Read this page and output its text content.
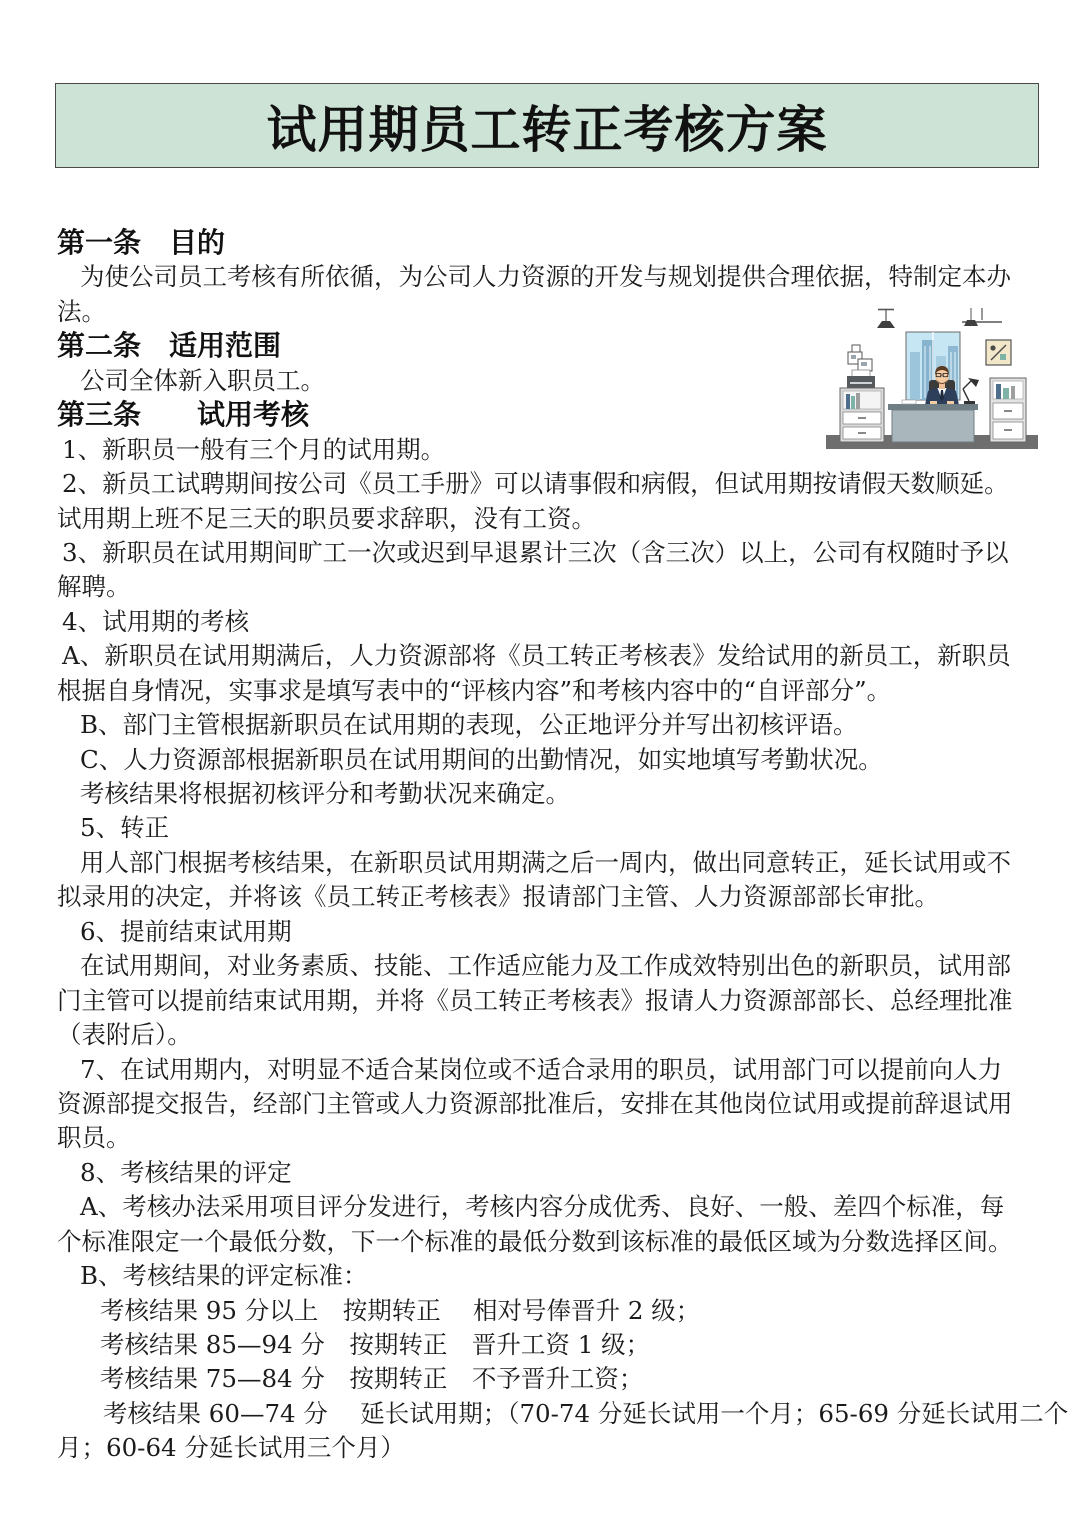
试用期员工转正考核方案
第一条　目的
为使公司员工考核有所依循，为公司人力资源的开发与规划提供合理依据，特制定本办
法。
第二条　适用范围
公司全体新入职员工。
第三条　　试用考核
1、新职员一般有三个月的试用期。
2、新员工试聘期间按公司《员工手册》可以请事假和病假，但试用期按请假天数顺延。
试用期上班不足三天的职员要求辞职，没有工资。
3、新职员在试用期间旷工一次或迟到早退累计三次（含三次）以上，公司有权随时予以
解聘。
4、试用期的考核
A、新职员在试用期满后，人力资源部将《员工转正考核表》发给试用的新员工，新职员
根据自身情况，实事求是填写表中的“评核内容”和考核内容中的“自评部分”。
B、部门主管根据新职员在试用期的表现，公正地评分并写出初核评语。
C、人力资源部根据新职员在试用期间的出勤情况，如实地填写考勤状况。
考核结果将根据初核评分和考勤状况来确定。
5、转正
用人部门根据考核结果，在新职员试用期满之后一周内，做出同意转正，延长试用或不
拟录用的决定，并将该《员工转正考核表》报请部门主管、人力资源部部长审批。
6、提前结束试用期
在试用期间，对业务素质、技能、工作适应能力及工作成效特别出色的新职员，试用部
门主管可以提前结束试用期，并将《员工转正考核表》报请人力资源部部长、总经理批准
（表附后）。
7、在试用期内，对明显不适合某岗位或不适合录用的职员，试用部门可以提前向人力
资源部提交报告，经部门主管或人力资源部批准后，安排在其他岗位试用或提前辞退试用
职员。
8、考核结果的评定
A、考核办法采用项目评分发进行，考核内容分成优秀、良好、一般、差四个标准，每
个标准限定一个最低分数，下一个标准的最低分数到该标准的最低区域为分数选择区间。
B、考核结果的评定标准：
考核结果 95 分以上　按期转正　 相对号俸晋升 2 级；
考核结果 85—94 分　按期转正　晋升工资 1 级；
考核结果 75—84 分　按期转正　不予晋升工资；
考核结果 60—74 分　 延长试用期；（70-74 分延长试用一个月；65-69 分延长试用二个
月；60-64 分延长试用三个月）
